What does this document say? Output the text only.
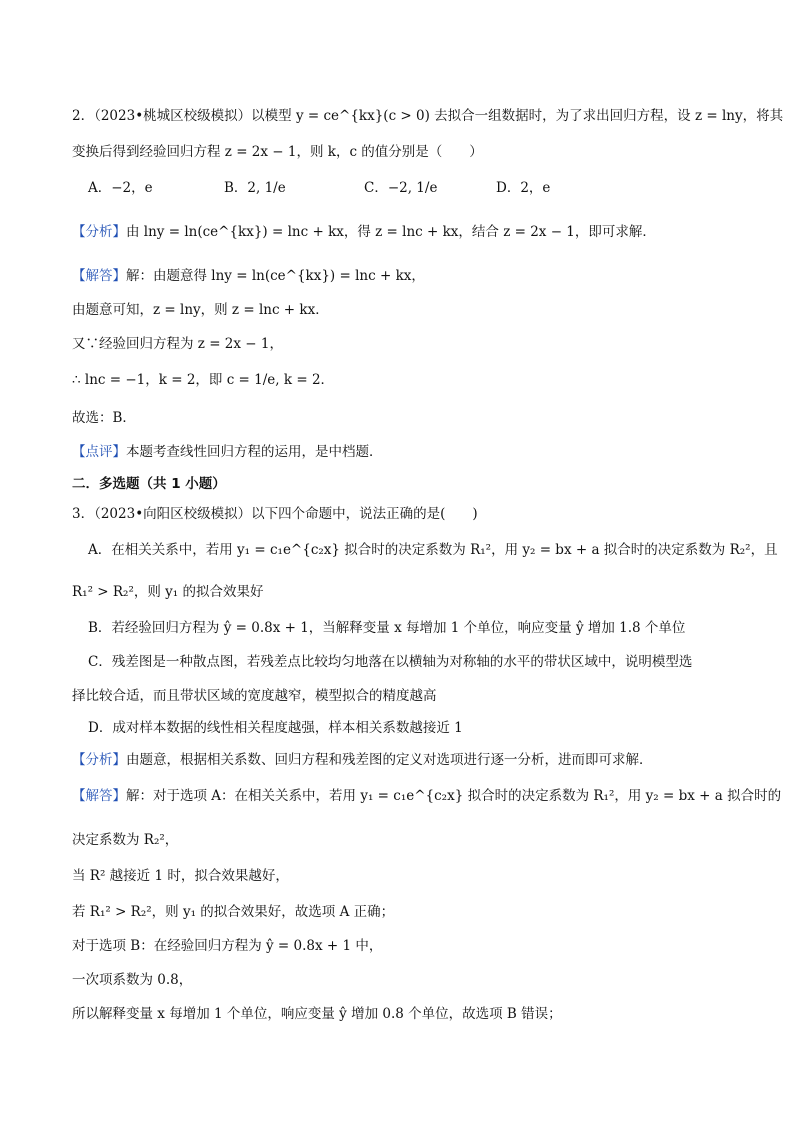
2．（2023•桃城区校级模拟）以模型 y = ce^{kx}(c > 0) 去拟合一组数据时，为了求出回归方程，设 z = lny，将其
变换后得到经验回归方程 z = 2x − 1，则 k，c 的值分别是（　　）
A．−2，e	B．2, 1/e	C．−2, 1/e	D．2，e
【分析】由 lny = ln(ce^{kx}) = lnc + kx，得 z = lnc + kx，结合 z = 2x − 1，即可求解．
【解答】解：由题意得 lny = ln(ce^{kx}) = lnc + kx，
由题意可知，z = lny，则 z = lnc + kx．
又∵经验回归方程为 z = 2x − 1，
∴ lnc = −1，k = 2，即 c = 1/e, k = 2．
故选：B．
【点评】本题考查线性回归方程的运用，是中档题．
二．多选题（共 1 小题）
3．（2023•向阳区校级模拟）以下四个命题中，说法正确的是(　　)
A．在相关关系中，若用 y₁ = c₁e^{c₂x} 拟合时的决定系数为 R₁²，用 y₂ = bx + a 拟合时的决定系数为 R₂²，且
R₁² > R₂²，则 y₁ 的拟合效果好
B．若经验回归方程为 ŷ = 0.8x + 1，当解释变量 x 每增加 1 个单位，响应变量 ŷ 增加 1.8 个单位
C．残差图是一种散点图，若残差点比较均匀地落在以横轴为对称轴的水平的带状区域中，说明模型选
择比较合适，而且带状区域的宽度越窄，模型拟合的精度越高
D．成对样本数据的线性相关程度越强，样本相关系数越接近 1
【分析】由题意，根据相关系数、回归方程和残差图的定义对选项进行逐一分析，进而即可求解．
【解答】解：对于选项 A：在相关关系中，若用 y₁ = c₁e^{c₂x} 拟合时的决定系数为 R₁²，用 y₂ = bx + a 拟合时的
决定系数为 R₂²，
当 R² 越接近 1 时，拟合效果越好，
若 R₁² > R₂²，则 y₁ 的拟合效果好，故选项 A 正确；
对于选项 B：在经验回归方程为 ŷ = 0.8x + 1 中，
一次项系数为 0.8，
所以解释变量 x 每增加 1 个单位，响应变量 ŷ 增加 0.8 个单位，故选项 B 错误；
